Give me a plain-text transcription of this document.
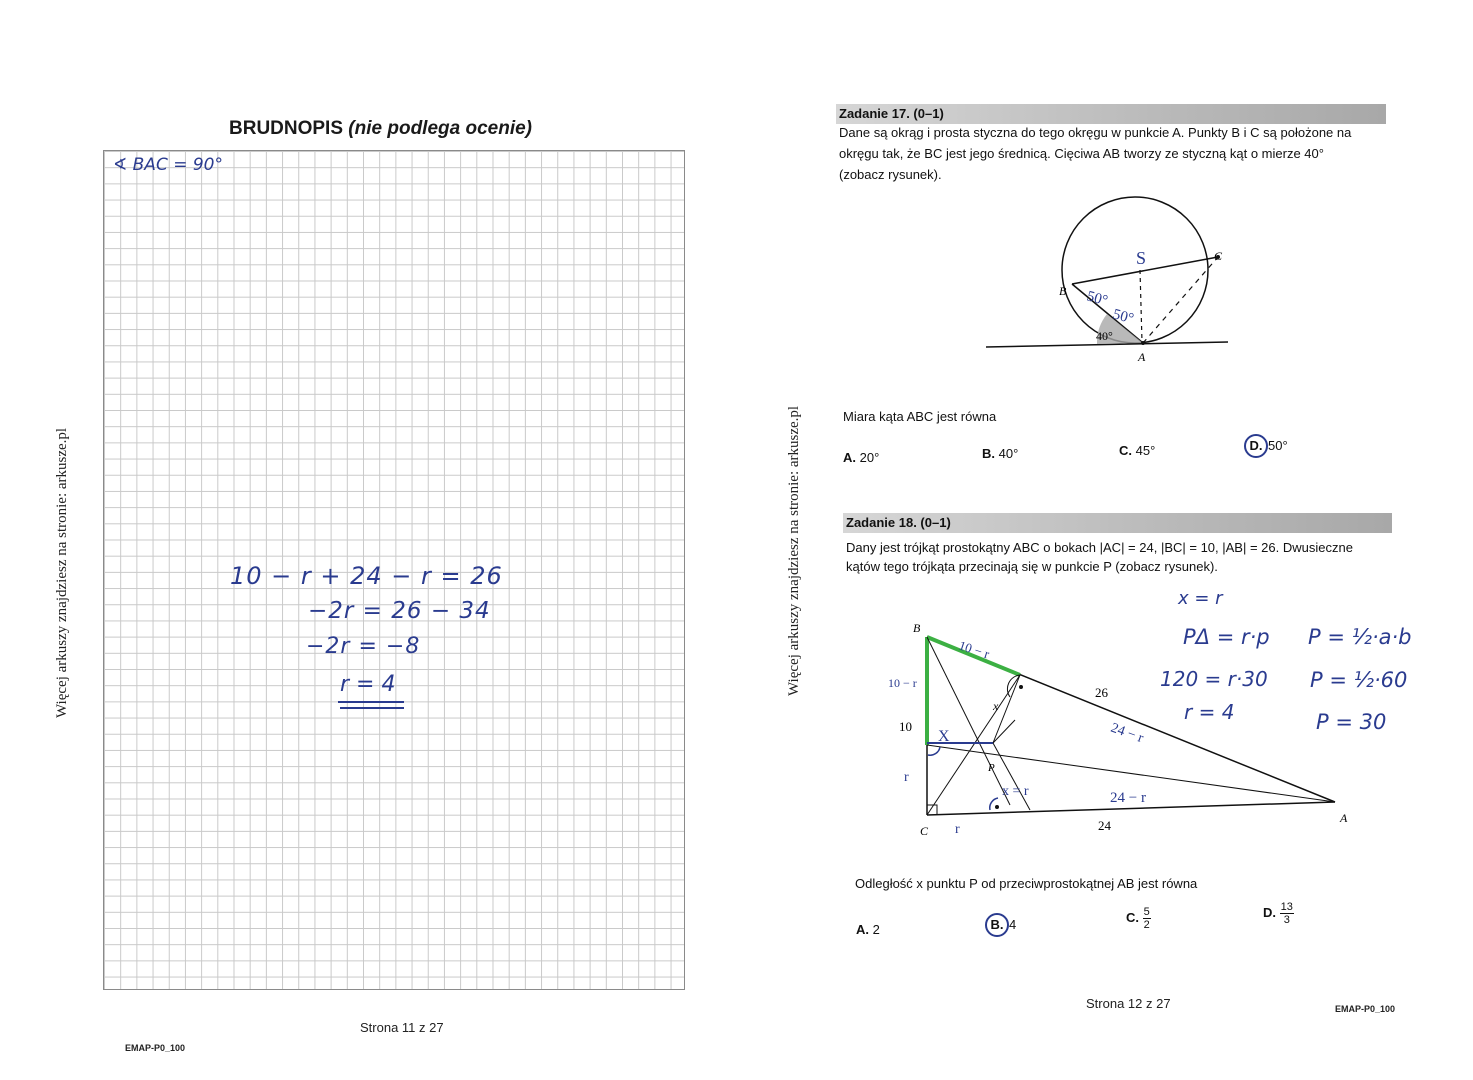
Więcej arkuszy znajdziesz na stronie: arkusze.pl
BRUDNOPIS (nie podlega ocenie)
∢ BAC = 90°
10 − r + 24 − r = 26
−2r = 26 − 34
−2r = −8
r = 4
Strona 11 z 27
EMAP-P0_100
Więcej arkuszy znajdziesz na stronie: arkusze.pl
Zadanie 17. (0–1)
Dane są okrąg i prosta styczna do tego okręgu w punkcie A. Punkty B i C są położone na
okręgu tak, że BC jest jego średnicą. Cięciwa AB tworzy ze styczną kąt o mierze 40°
(zobacz rysunek).
B
C
A
S
40°
50°
50°
Miara kąta ABC jest równa
A. 20°	B. 40°	C. 45°	D. 50°
Zadanie 18. (0–1)
Dany jest trójkąt prostokątny ABC o bokach |AC| = 24, |BC| = 10, |AB| = 26. Dwusieczne
kątów tego trójkąta przecinają się w punkcie P (zobacz rysunek).
B
C
A
P
x
26
10
24
10 − r
10 − r
r
X	24 − r
24 − r
x = r
r
x = r
PΔ = r·p
120 = r·30
r = 4
P = ½·a·b
P = ½·60
P = 30
Odległość x punktu P od przeciwprostokątnej AB jest równa
A. 2	B. 4	C. $\frac{5}{2}$	D. $\frac{13}{3}$
Strona 12 z 27	EMAP-P0_100
